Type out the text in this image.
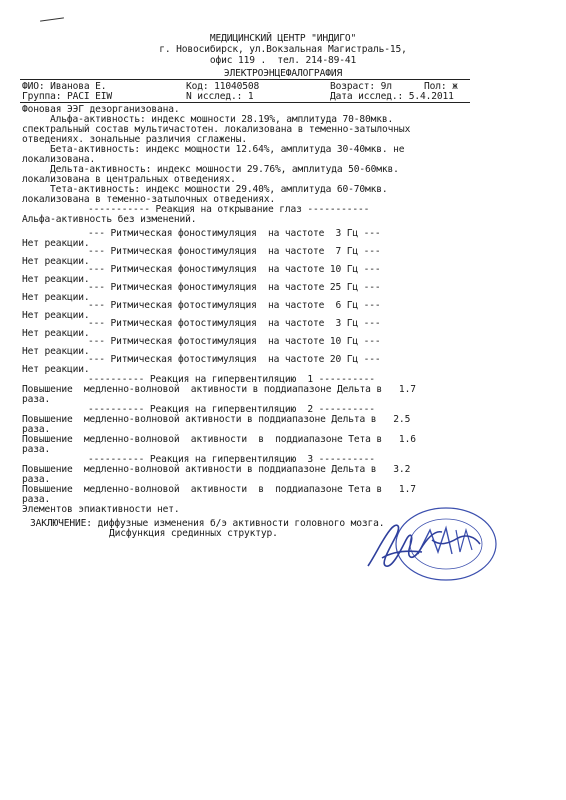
МЕДИЦИНСКИЙ ЦЕНТР "ИНДИГО"
г. Новосибирск, ул.Вокзальная Магистраль-15,
офис 119 .  тел. 214-89-41
ЭЛЕКТРОЭНЦЕФАЛОГРАФИЯ
ФИО: Иванова Е.	Код: 11040508	Возраст: 9л	Пол: ж
Группа: РАСI EIW	N исслед.: 1	Дата исслед.: 5.4.2011
Фоновая ЭЭГ дезорганизована.
Альфа-активность: индекс мошности 28.19%, амплитуда 70-80мкв.
спектральный состав мультичастотен. локализована в теменно-затылочных
отведениях. зональные различия сглажены.
Бета-активность: индекс мощности 12.64%, амплитуда 30-40мкв. не
локализована.
Дельта-активность: индекс мошности 29.76%, амплитуда 50-60мкв.
локализована в центральных отведениях.
Тета-активность: индекс мошности 29.40%, амплитуда 60-70мкв.
локализована в теменно-затылочных отведениях.
----------- Реакция на открывание глаз -----------
Альфа-активность без изменений.
--- Ритмическая фоностимуляция  на частоте  3 Гц ---
Нет реакции.
--- Ритмическая фоностимуляция  на частоте  7 Гц ---
Нет реакции.
--- Ритмическая фоностимуляция  на частоте 10 Гц ---
Нет реакции.
--- Ритмическая фоностимуляция  на частоте 25 Гц ---
Нет реакции.
--- Ритмическая фотостимуляция  на частоте  6 Гц ---
Нет реакции.
--- Ритмическая фотостимуляция  на частоте  3 Гц ---
Нет реакции.
--- Ритмическая фотостимуляция  на частоте 10 Гц ---
Нет реакции.
--- Ритмическая фотостимуляция  на частоте 20 Гц ---
Нет реакции.
---------- Реакция на гипервентиляцию  1 ----------
Повышение  медленно-волновой  активности в поддиапазоне Дельта в   1.7
раза.
---------- Реакция на гипервентиляцию  2 ----------
Повышение  медленно-волновой активности в поддиапазоне Дельта в   2.5
раза.
Повышение  медленно-волновой  активности  в  поддиапазоне Тета в   1.6
раза.
---------- Реакция на гипервентиляцию  3 ----------
Повышение  медленно-волновой активности в поддиапазоне Дельта в   3.2
раза.
Повышение  медленно-волновой  активности  в  поддиапазоне Тета в   1.7
раза.
Элементов эпиактивности нет.
ЗАКЛЮЧЕНИЕ: диффузные изменения б/э активности головного мозга.
Дисфункция срединных структур.
